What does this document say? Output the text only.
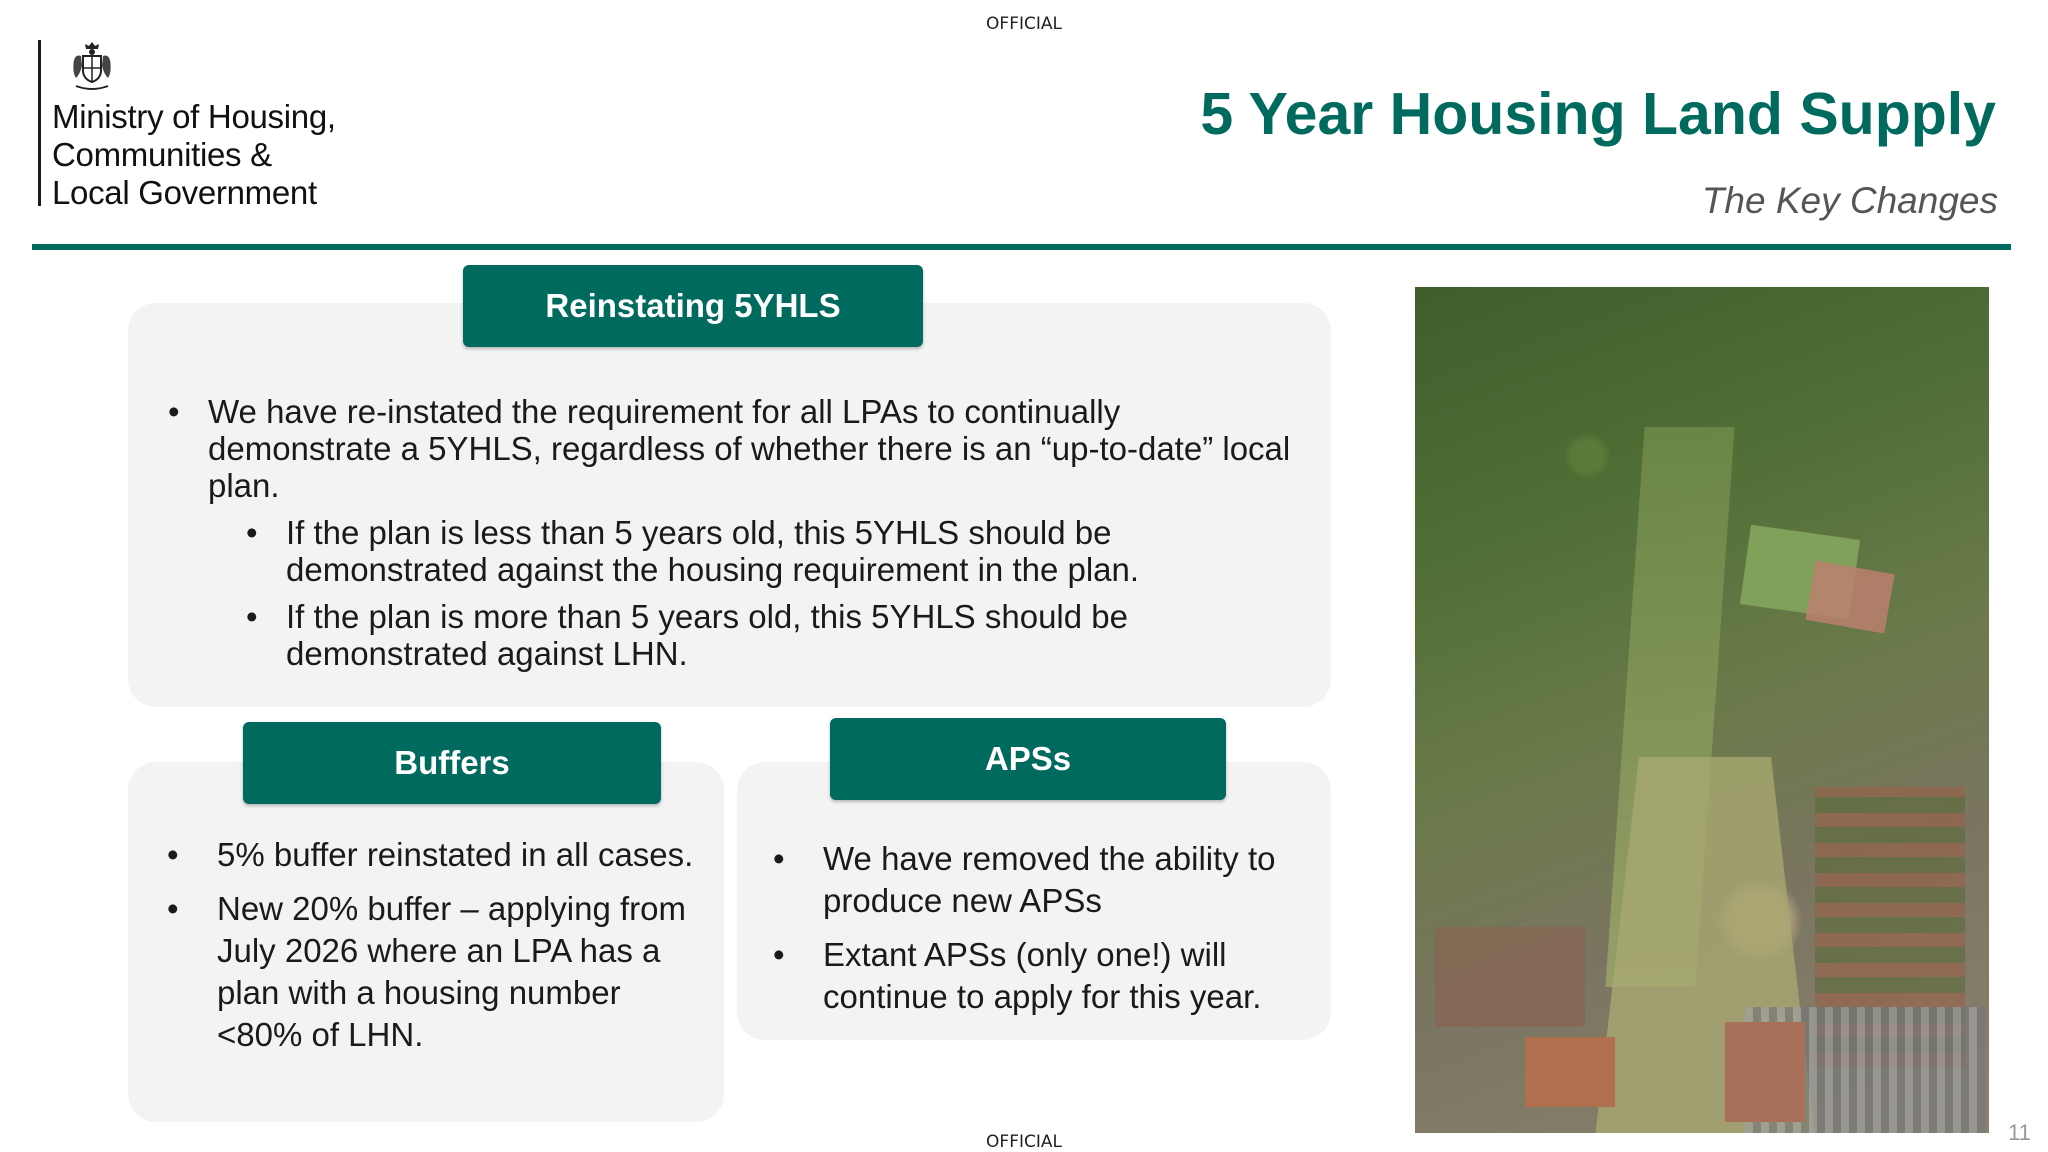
OFFICIAL
Ministry of Housing,
Communities &
Local Government
5 Year Housing Land Supply
The Key Changes
Reinstating 5YHLS
• We have re-instated the requirement for all LPAs to continually demonstrate a 5YHLS, regardless of whether there is an “up-to-date” local plan.
• If the plan is less than 5 years old, this 5YHLS should be demonstrated against the housing requirement in the plan.
• If the plan is more than 5 years old, this 5YHLS should be demonstrated against LHN.
Buffers
• 5% buffer reinstated in all cases.
• New 20% buffer – applying from July 2026 where an LPA has a plan with a housing number <80% of LHN.
APSs
• We have removed the ability to produce new APSs
• Extant APSs (only one!) will continue to apply for this year.
OFFICIAL	11
